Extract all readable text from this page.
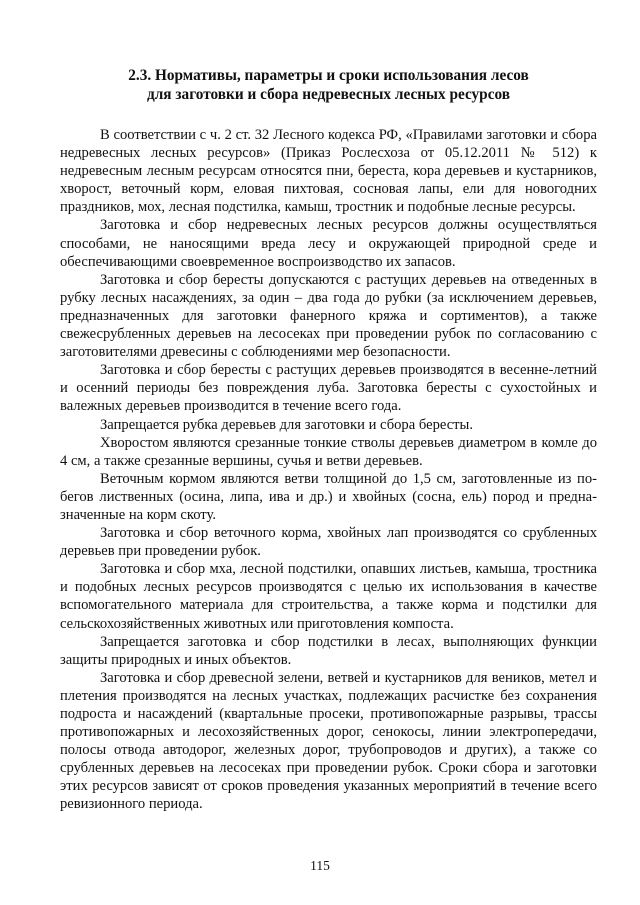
2.3. Нормативы, параметры и сроки использования лесов
для заготовки и сбора недревесных лесных ресурсов

В соответствии с ч. 2 ст. 32 Лесного кодекса РФ, «Правилами заготовки и сбора недревесных лесных ресурсов» (Приказ Рослесхоза от 05.12.2011 № 512) к недревесным лесным ресурсам относятся пни, береста, кора деревьев и кустарников, хворост, веточный корм, еловая пихтовая, сосновая лапы, ели для новогодних праздников, мох, лесная подстилка, камыш, тростник и подобные лесные ресурсы.

Заготовка и сбор недревесных лесных ресурсов должны осуществляться способами, не наносящими вреда лесу и окружающей природной среде и обеспечивающими своевременное воспроизводство их запасов.

Заготовка и сбор бересты допускаются с растущих деревьев на отведенных в рубку лесных насаждениях, за один – два года до рубки (за исключением деревьев, предназначенных для заготовки фанерного кряжа и сортиментов), а также свежесрубленных деревьев на лесосеках при проведении рубок по согласованию с заготовителями древесины с соблюдениями мер безопасности.

Заготовка и сбор бересты с растущих деревьев производятся в весенне-летний и осенний периоды без повреждения луба. Заготовка бересты с сухостойных и валежных деревьев производится в течение всего года.

Запрещается рубка деревьев для заготовки и сбора бересты.

Хворостом являются срезанные тонкие стволы деревьев диаметром в комле до 4 см, а также срезанные вершины, сучья и ветви деревьев.

Веточным кормом являются ветви толщиной до 1,5 см, заготовленные из побегов лиственных (осина, липа, ива и др.) и хвойных (сосна, ель) пород и предназначенные на корм скоту.

Заготовка и сбор веточного корма, хвойных лап производятся со срубленных деревьев при проведении рубок.

Заготовка и сбор мха, лесной подстилки, опавших листьев, камыша, тростника и подобных лесных ресурсов производятся с целью их использования в качестве вспомогательного материала для строительства, а также корма и подстилки для сельскохозяйственных животных или приготовления компоста.

Запрещается заготовка и сбор подстилки в лесах, выполняющих функции защиты природных и иных объектов.

Заготовка и сбор древесной зелени, ветвей и кустарников для веников, метел и плетения производятся на лесных участках, подлежащих расчистке без сохранения подроста и насаждений (квартальные просеки, противопожарные разрывы, трассы противопожарных и лесохозяйственных дорог, сенокосы, линии электропередачи, полосы отвода автодорог, железных дорог, трубопроводов и других), а также со срубленных деревьев на лесосеках при проведении рубок. Сроки сбора и заготовки этих ресурсов зависят от сроков проведения указанных мероприятий в течение всего ревизионного периода.

115
